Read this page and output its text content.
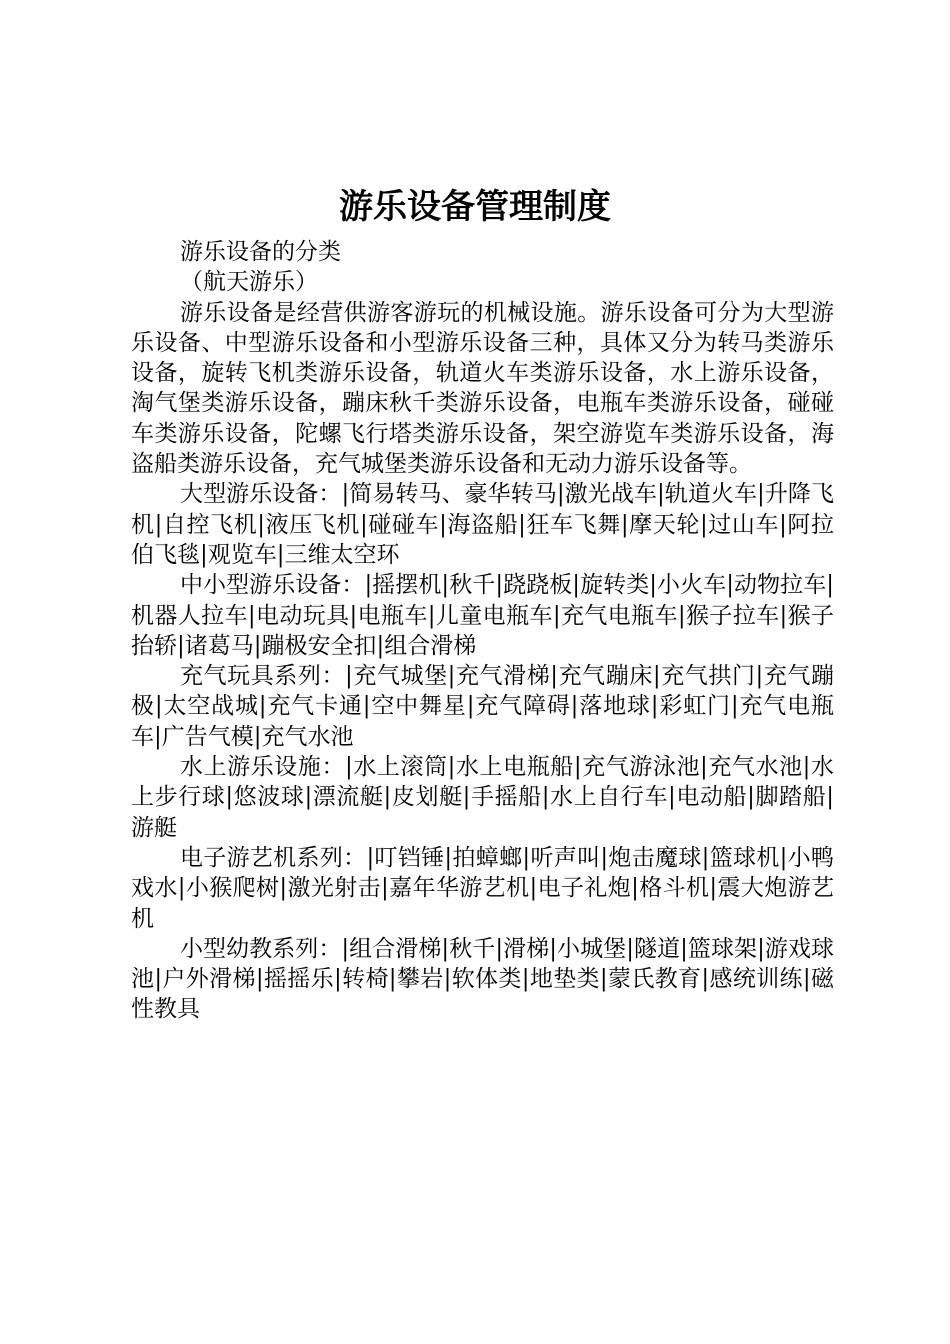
游乐设备管理制度

游乐设备的分类

（航天游乐）

游乐设备是经营供游客游玩的机械设施。游乐设备可分为大型游乐设备、中型游乐设备和小型游乐设备三种，具体又分为转马类游乐设备，旋转飞机类游乐设备，轨道火车类游乐设备，水上游乐设备，淘气堡类游乐设备，蹦床秋千类游乐设备，电瓶车类游乐设备，碰碰车类游乐设备，陀螺飞行塔类游乐设备，架空游览车类游乐设备，海盗船类游乐设备，充气城堡类游乐设备和无动力游乐设备等。

大型游乐设备：|简易转马、豪华转马|激光战车|轨道火车|升降飞机|自控飞机|液压飞机|碰碰车|海盗船|狂车飞舞|摩天轮|过山车|阿拉伯飞毯|观览车|三维太空环

中小型游乐设备：|摇摆机|秋千|跷跷板|旋转类|小火车|动物拉车|机器人拉车|电动玩具|电瓶车|儿童电瓶车|充气电瓶车|猴子拉车|猴子抬轿|诸葛马|蹦极安全扣|组合滑梯

充气玩具系列：|充气城堡|充气滑梯|充气蹦床|充气拱门|充气蹦极|太空战城|充气卡通|空中舞星|充气障碍|落地球|彩虹门|充气电瓶车|广告气模|充气水池

水上游乐设施：|水上滚筒|水上电瓶船|充气游泳池|充气水池|水上步行球|悠波球|漂流艇|皮划艇|手摇船|水上自行车|电动船|脚踏船|游艇

电子游艺机系列：|叮铛锤|拍蟑螂|听声叫|炮击魔球|篮球机|小鸭戏水|小猴爬树|激光射击|嘉年华游艺机|电子礼炮|格斗机|震大炮游艺机

小型幼教系列：|组合滑梯|秋千|滑梯|小城堡|隧道|篮球架|游戏球池|户外滑梯|摇摇乐|转椅|攀岩|软体类|地垫类|蒙氏教育|感统训练|磁性教具
